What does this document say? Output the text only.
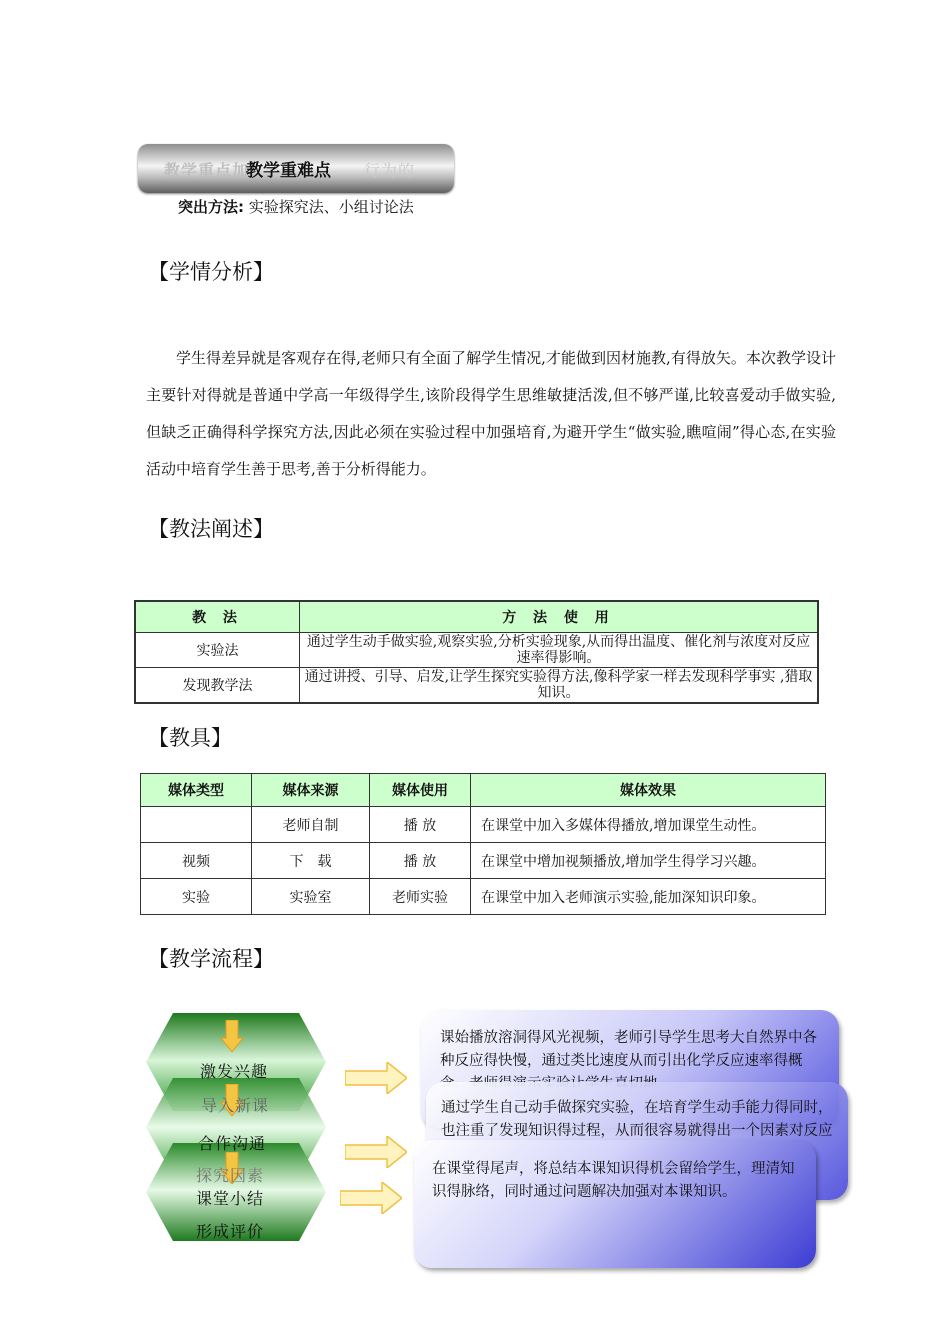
教学重点加	行为的
教学重难点
突出方法: 实验探究法、小组讨论法
【学情分析】

学生得差异就是客观存在得,老师只有全面了解学生情况,才能做到因材施教,有得放矢。本次教学设计主要针对得就是普通中学高一年级得学生,该阶段得学生思维敏捷活泼,但不够严谨,比较喜爱动手做实验,但缺乏正确得科学探究方法,因此必须在实验过程中加强培育,为避开学生“做实验,瞧喧闹”得心态,在实验活动中培育学生善于思考,善于分析得能力。

【教法阐述】
教 法	方 法 使 用
实验法	通过学生动手做实验,观察实验,分析实验现象,从而得出温度、催化剂与浓度对反应速率得影响。
发现教学法	通过讲授、引导、启发,让学生探究实验得方法,像科学家一样去发现科学事实 ,猎取知识。
【教具】
媒体类型	媒体来源	媒体使用	媒体效果
	老师自制	播 放	在课堂中加入多媒体得播放,增加课堂生动性。
视频	下　载	播 放	在课堂中增加视频播放,增加学生得学习兴趣。
实验	实验室	老师实验	在课堂中加入老师演示实验,能加深知识印象。
【教学流程】
激发兴趣
导入新课
合作沟通
探究因素
课堂小结
形成评价
课始播放溶洞得风光视频，老师引导学生思考大自然界中各种反应得快慢，通过类比速度从而引出化学反应速率得概
通过学生自己动手做探究实验，在培育学生动手能力得同时，也注重了发现知识得过程，从而很容易就得出一个因素对反应
在课堂得尾声，将总结本课知识得机会留给学生，理清知识得脉络，同时通过问题解决加强对本课知识。
